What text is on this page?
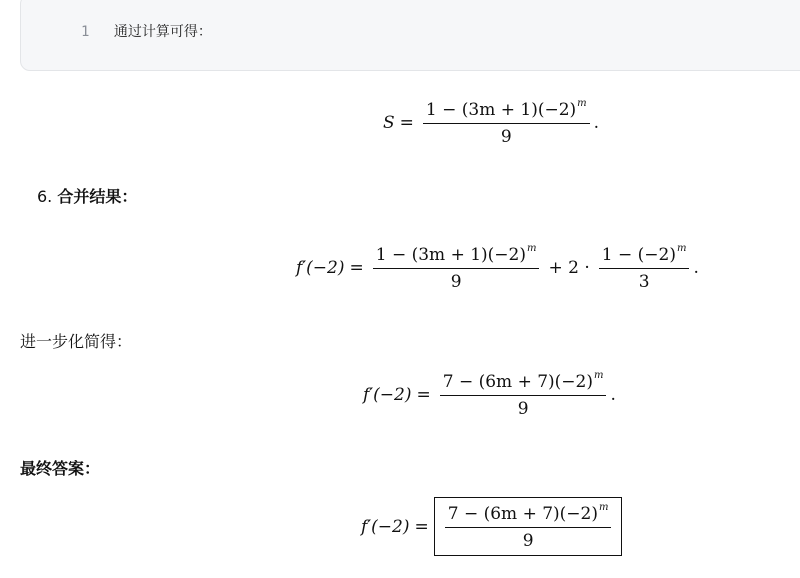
1 通过计算可得：
$S = \frac{1 - (3m + 1)(-2)^m}{9}$ .
6. 合并结果：
$f'(-2) = \frac{1 - (3m + 1)(-2)^m}{9} + 2 \cdot \frac{1 - (-2)^m}{3}$ .
进一步化简得：
$f'(-2) = \frac{7 - (6m + 7)(-2)^m}{9}$ .
最终答案：
$f'(-2) = \frac{7 - (6m + 7)(-2)^m}{9}$
